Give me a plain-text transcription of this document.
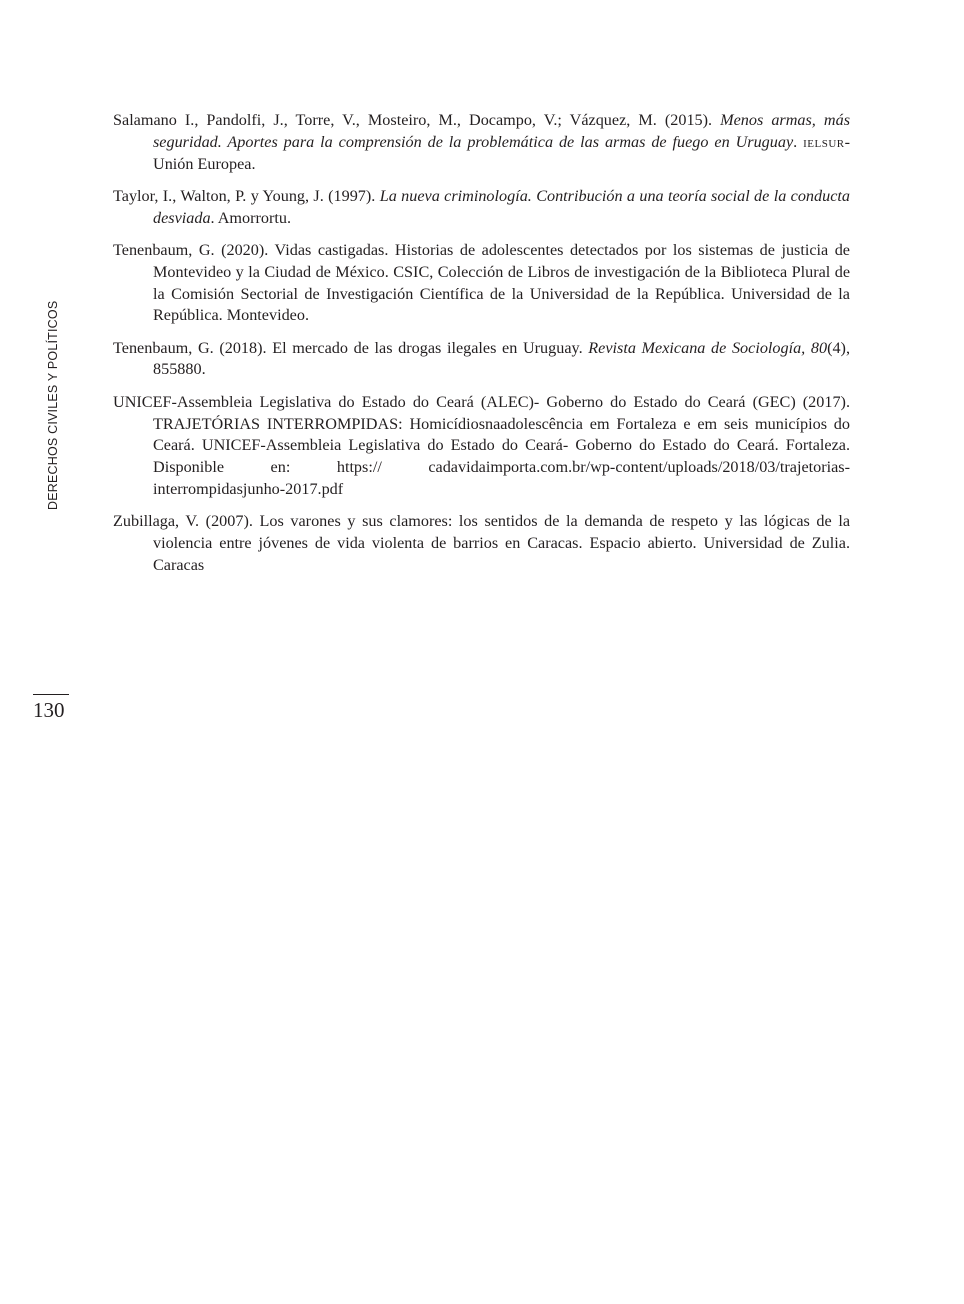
DERECHOS CIVILES Y POLÍTICOS

Salamano I., Pandolfi, J., Torre, V., Mosteiro, M., Docampo, V.; Vázquez, M. (2015). Menos armas, más seguridad. Aportes para la comprensión de la problemática de las armas de fuego en Uruguay. ielsur-Unión Europea.

Taylor, I., Walton, P. y Young, J. (1997). La nueva criminología. Contribución a una teoría social de la conducta desviada. Amorrortu.

Tenenbaum, G. (2020). Vidas castigadas. Historias de adolescentes detectados por los sistemas de justicia de Montevideo y la Ciudad de México. CSIC, Colección de Libros de investigación de la Biblioteca Plural de la Comisión Sectorial de Investigación Científica de la Universidad de la República. Universidad de la República. Montevideo.

Tenenbaum, G. (2018). El mercado de las drogas ilegales en Uruguay. Revista Mexicana de Sociología, 80(4), 855880.

UNICEF-Assembleia Legislativa do Estado do Ceará (ALEC)- Goberno do Estado do Ceará (GEC) (2017). TRAJETÓRIAS INTERROMPIDAS: Homicídiosnaadolescência em Fortaleza e em seis municípios do Ceará. UNICEF-Assembleia Legislativa do Estado do Ceará- Goberno do Estado do Ceará. Fortaleza. Disponible en: https:// cadavidaimporta.com.br/wp-content/uploads/2018/03/trajetorias-interrompidasjunho-2017.pdf

Zubillaga, V. (2007). Los varones y sus clamores: los sentidos de la demanda de respeto y las lógicas de la violencia entre jóvenes de vida violenta de barrios en Caracas. Espacio abierto. Universidad de Zulia. Caracas

130
